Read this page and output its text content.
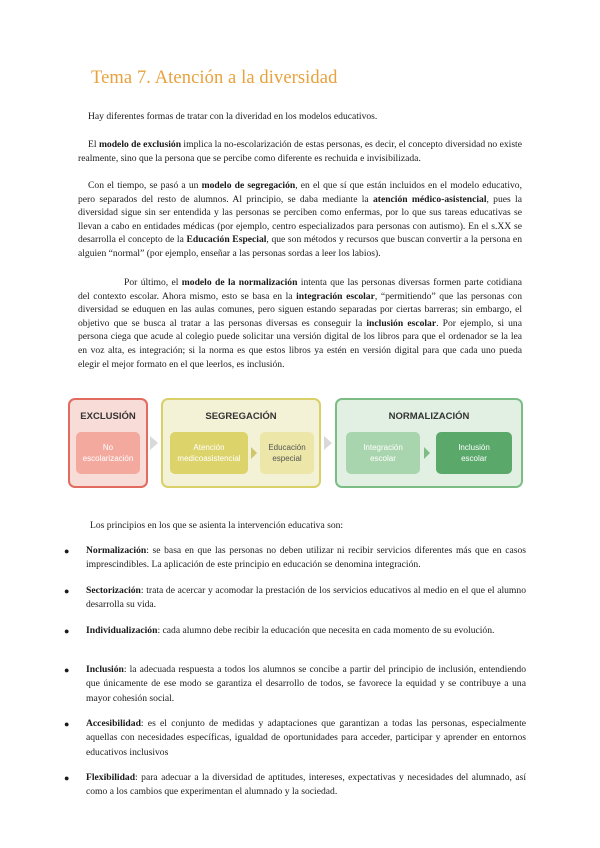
Tema 7. Atención a la diversidad

Hay diferentes formas de tratar con la diveridad en los modelos educativos.

El modelo de exclusión implica la no-escolarización de estas personas, es decir, el concepto diversidad no existe realmente, sino que la persona que se percibe como diferente es rechuida e invisibilizada.

Con el tiempo, se pasó a un modelo de segregación, en el que sí que están incluidos en el modelo educativo, pero separados del resto de alumnos. Al principio, se daba mediante la atención médico-asistencial, pues la diversidad sigue sin ser entendida y las personas se perciben como enfermas, por lo que sus tareas educativas se llevan a cabo en entidades médicas (por ejemplo, centro especializados para personas con autismo). En el s.XX se desarrolla el concepto de la Educación Especial, que son métodos y recursos que buscan convertir a la persona en alguien “normal” (por ejemplo, enseñar a las personas sordas a leer los labios).

Por último, el modelo de la normalización intenta que las personas diversas formen parte cotidiana del contexto escolar. Ahora mismo, esto se basa en la integración escolar, “permitiendo” que las personas con diversidad se eduquen en las aulas comunes, pero siguen estando separadas por ciertas barreras; sin embargo, el objetivo que se busca al tratar a las personas diversas es conseguir la inclusión escolar. Por ejemplo, si una persona ciega que acude al colegio puede solicitar una versión digital de los libros para que el ordenador se la lea en voz alta, es integración; si la norma es que estos libros ya estén en versión digital para que cada uno pueda elegir el mejor formato en el que leerlos, es inclusión.

EXCLUSIÓN
No
escolarización
SEGREGACIÓN
Atención
medicoasistencial
Educación
especial
NORMALIZACIÓN
Integración
escolar
Inclusión
escolar
Los principios en los que se asienta la intervención educativa son:
● Normalización: se basa en que las personas no deben utilizar ni recibir servicios diferentes más que en casos imprescindibles. La aplicación de este principio en educación se denomina integración.
● Sectorización: trata de acercar y acomodar la prestación de los servicios educativos al medio en el que el alumno desarrolla su vida.
● Individualización: cada alumno debe recibir la educación que necesita en cada momento de su evolución.
● Inclusión: la adecuada respuesta a todos los alumnos se concibe a partir del principio de inclusión, entendiendo que únicamente de ese modo se garantiza el desarrollo de todos, se favorece la equidad y se contribuye a una mayor cohesión social.
● Accesibilidad: es el conjunto de medidas y adaptaciones que garantizan a todas las personas, especialmente aquellas con necesidades específicas, igualdad de oportunidades para acceder, participar y aprender en entornos educativos inclusivos
● Flexibilidad: para adecuar a la diversidad de aptitudes, intereses, expectativas y necesidades del alumnado, así como a los cambios que experimentan el alumnado y la sociedad.
